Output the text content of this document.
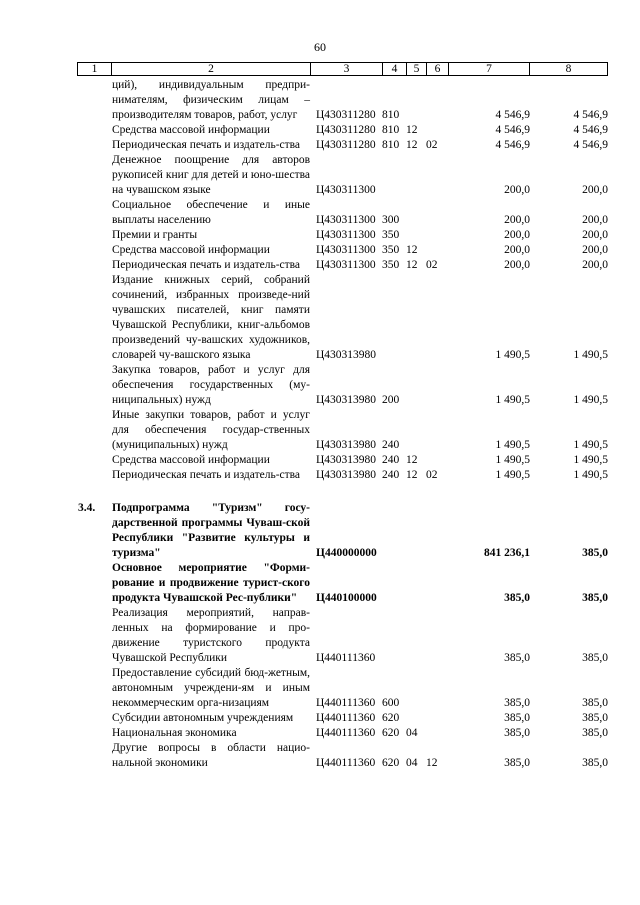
60
1	2	3	4	5	6	7	8
ций), индивидуальным предпри-нимателям, физическим лицам – производителям товаров, работ, услуг	Ц430311280 810	4 546,9	4 546,9
Средства массовой информации	Ц430311280 810 12	4 546,9	4 546,9
Периодическая печать и издатель-ства	Ц430311280 810 12 02	4 546,9	4 546,9
Денежное поощрение для авторов рукописей книг для детей и юно-шества на чувашском языке	Ц430311300	200,0	200,0
Социальное обеспечение и иные выплаты населению	Ц430311300 300	200,0	200,0
Премии и гранты	Ц430311300 350	200,0	200,0
Средства массовой информации	Ц430311300 350 12	200,0	200,0
Периодическая печать и издатель-ства	Ц430311300 350 12 02	200,0	200,0
Издание книжных серий, собраний сочинений, избранных произведе-ний чувашских писателей, книг памяти Чувашской Республики, книг-альбомов произведений чу-вашских художников, словарей чу-вашского языка	Ц430313980	1 490,5	1 490,5
Закупка товаров, работ и услуг для обеспечения государственных (му-ниципальных) нужд	Ц430313980 200	1 490,5	1 490,5
Иные закупки товаров, работ и услуг для обеспечения государ-ственных (муниципальных) нужд	Ц430313980 240	1 490,5	1 490,5
Средства массовой информации	Ц430313980 240 12	1 490,5	1 490,5
Периодическая печать и издатель-ства	Ц430313980 240 12 02	1 490,5	1 490,5
3.4.	Подпрограмма "Туризм" госу-дарственной программы Чуваш-ской Республики "Развитие культуры и туризма"	Ц440000000	841 236,1	385,0
Основное мероприятие "Форми-рование и продвижение турист-ского продукта Чувашской Рес-публики"	Ц440100000	385,0	385,0
Реализация мероприятий, направ-ленных на формирование и про-движение туристского продукта Чувашской Республики	Ц440111360	385,0	385,0
Предоставление субсидий бюд-жетным, автономным учреждени-ям и иным некоммерческим орга-низациям	Ц440111360 600	385,0	385,0
Субсидии автономным учреждениям	Ц440111360 620	385,0	385,0
Национальная экономика	Ц440111360 620 04	385,0	385,0
Другие вопросы в области нацио-нальной экономики	Ц440111360 620 04 12	385,0	385,0
